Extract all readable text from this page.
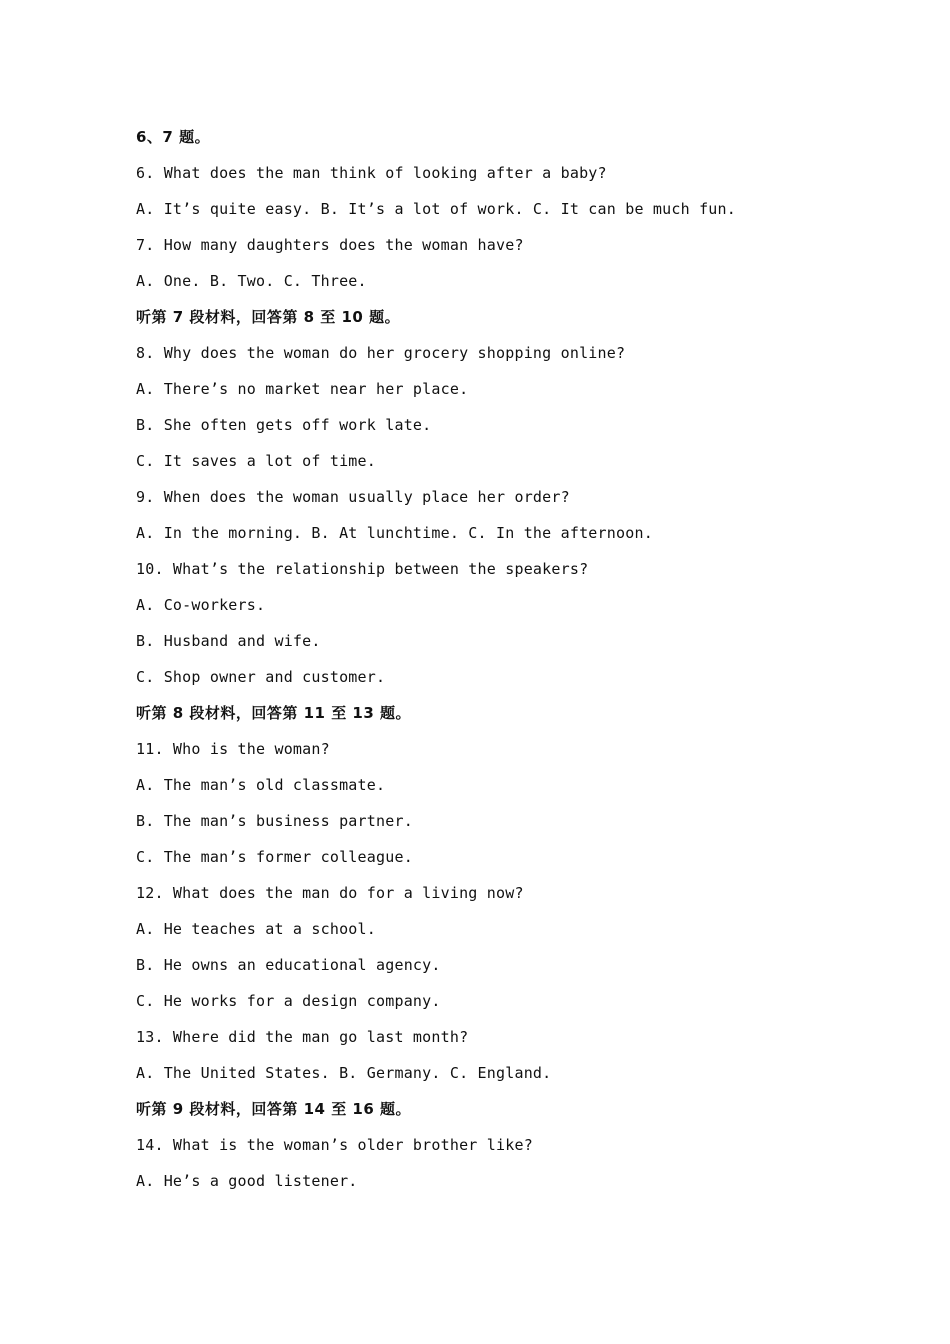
6、7 题。
6. What does the man think of looking after a baby?
A. It’s quite easy. B. It’s a lot of work. C. It can be much fun.
7. How many daughters does the woman have?
A. One. B. Two. C. Three.
听第 7 段材料，回答第 8 至 10 题。
8. Why does the woman do her grocery shopping online?
A. There’s no market near her place.
B. She often gets off work late.
C. It saves a lot of time.
9. When does the woman usually place her order?
A. In the morning. B. At lunchtime. C. In the afternoon.
10. What’s the relationship between the speakers?
A. Co-workers.
B. Husband and wife.
C. Shop owner and customer.
听第 8 段材料，回答第 11 至 13 题。
11. Who is the woman?
A. The man’s old classmate.
B. The man’s business partner.
C. The man’s former colleague.
12. What does the man do for a living now?
A. He teaches at a school.
B. He owns an educational agency.
C. He works for a design company.
13. Where did the man go last month?
A. The United States. B. Germany. C. England.
听第 9 段材料，回答第 14 至 16 题。
14. What is the woman’s older brother like?
A. He’s a good listener.
